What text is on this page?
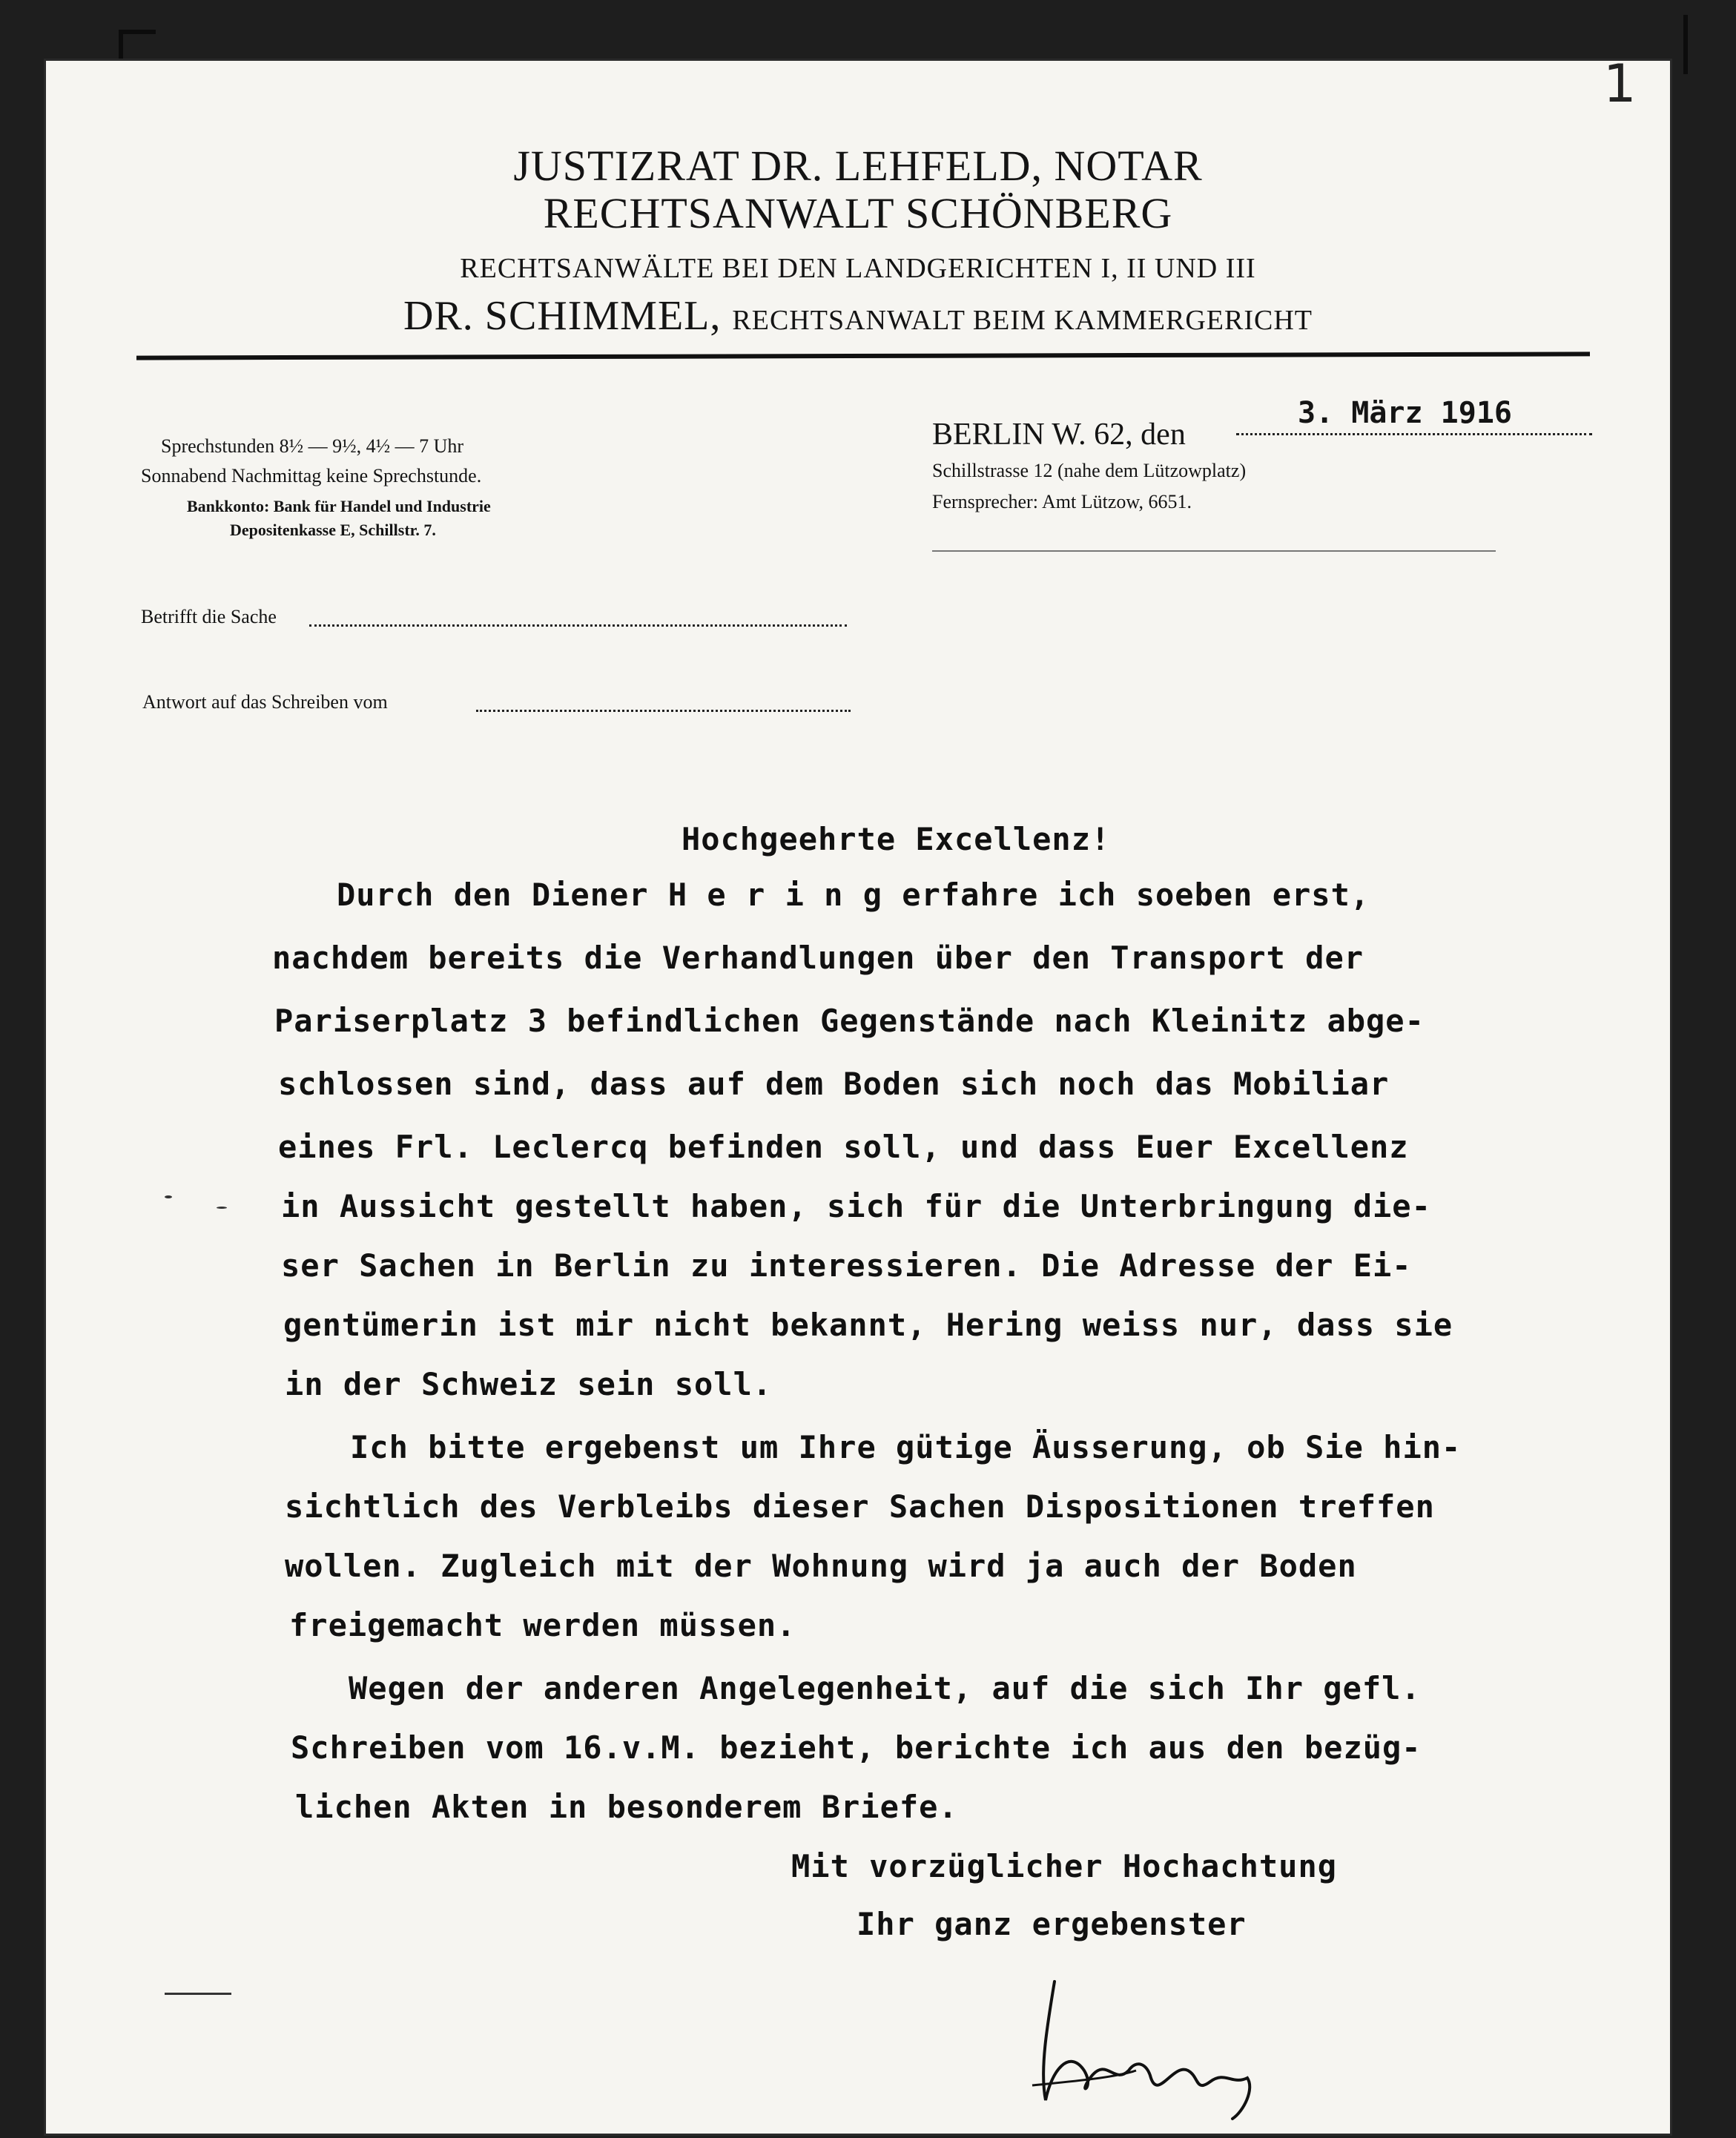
1
JUSTIZRAT DR. LEHFELD, NOTAR
RECHTSANWALT SCHÖNBERG
RECHTSANWÄLTE BEI DEN LANDGERICHTEN I, II UND III
DR. SCHIMMEL, RECHTSANWALT BEIM KAMMERGERICHT
Sprechstunden 8½ — 9½, 4½ — 7 Uhr
Sonnabend Nachmittag keine Sprechstunde.
Bankkonto: Bank für Handel und Industrie
Depositenkasse E, Schillstr. 7.
BERLIN W. 62, den
3. März 1916
Schillstrasse 12 (nahe dem Lützowplatz)
Fernsprecher: Amt Lützow, 6651.
Betrifft die Sache
Antwort auf das Schreiben vom
Hochgeehrte Excellenz!
Durch den Diener H e r i n g erfahre ich soeben erst,
nachdem bereits die Verhandlungen über den Transport der
Pariserplatz 3 befindlichen Gegenstände nach Kleinitz abge-
schlossen sind, dass auf dem Boden sich noch das Mobiliar
eines Frl. Leclercq befinden soll, und dass Euer Excellenz
in Aussicht gestellt haben, sich für die Unterbringung die-
ser Sachen in Berlin zu interessieren. Die Adresse der Ei-
gentümerin ist mir nicht bekannt, Hering weiss nur, dass sie
in der Schweiz sein soll.
Ich bitte ergebenst um Ihre gütige Äusserung, ob Sie hin-
sichtlich des Verbleibs dieser Sachen Dispositionen treffen
wollen. Zugleich mit der Wohnung wird ja auch der Boden
freigemacht werden müssen.
Wegen der anderen Angelegenheit, auf die sich Ihr gefl.
Schreiben vom 16.v.M. bezieht, berichte ich aus den bezüg-
lichen Akten in besonderem Briefe.
Mit vorzüglicher Hochachtung
Ihr ganz ergebenster
